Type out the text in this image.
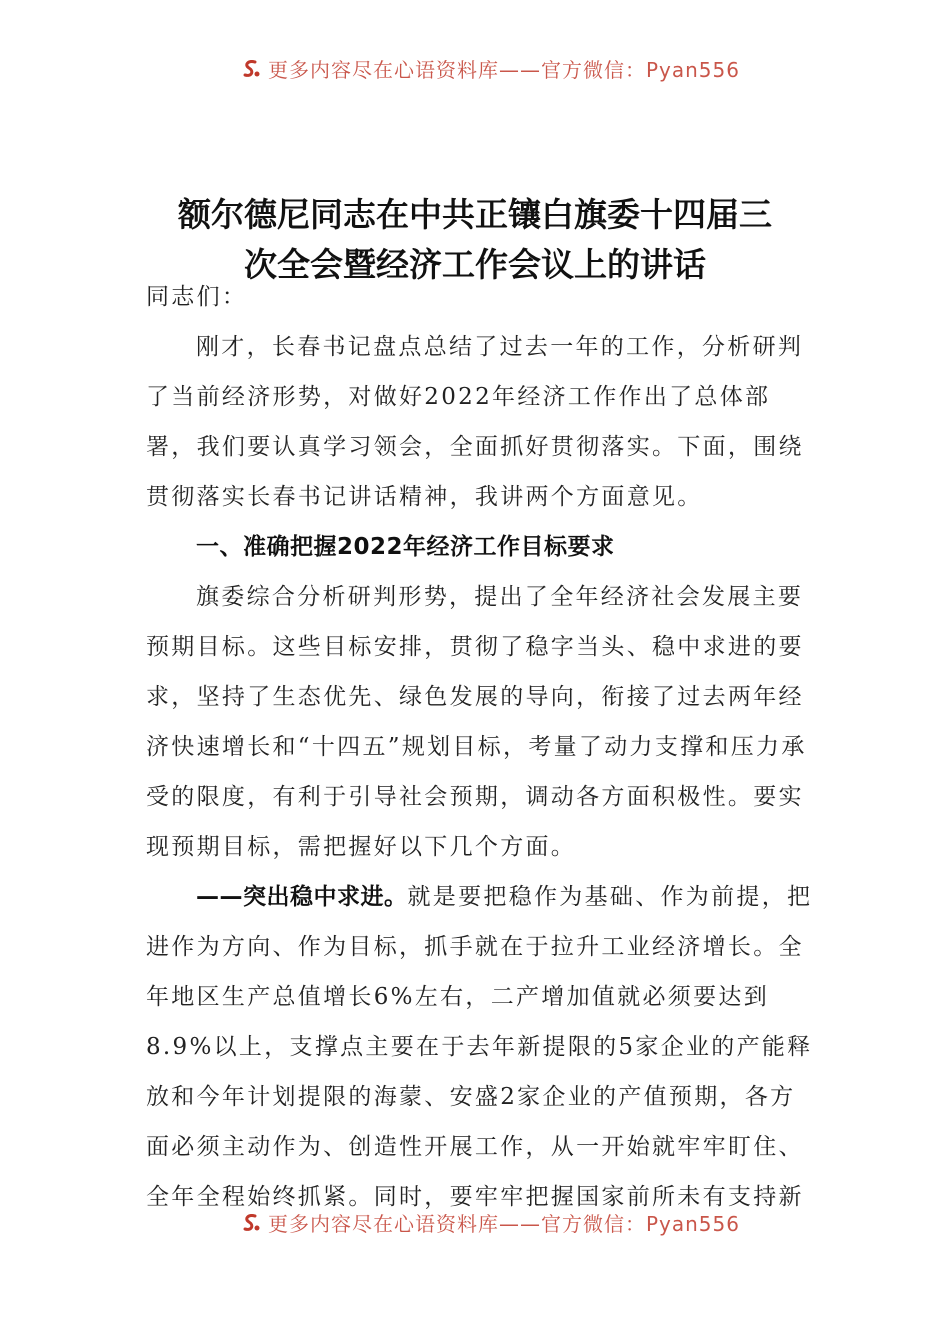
更多内容尽在心语资料库——官方微信：Pyan556
额尔德尼同志在中共正镶白旗委十四届三
次全会暨经济工作会议上的讲话

同志们：

刚才，长春书记盘点总结了过去一年的工作，分析研判了当前经济形势，对做好2022年经济工作作出了总体部署，我们要认真学习领会，全面抓好贯彻落实。下面，围绕贯彻落实长春书记讲话精神，我讲两个方面意见。

一、准确把握2022年经济工作目标要求

旗委综合分析研判形势，提出了全年经济社会发展主要预期目标。这些目标安排，贯彻了稳字当头、稳中求进的要求，坚持了生态优先、绿色发展的导向，衔接了过去两年经济快速增长和“十四五”规划目标，考量了动力支撑和压力承受的限度，有利于引导社会预期，调动各方面积极性。要实现预期目标，需把握好以下几个方面。

——突出稳中求进。就是要把稳作为基础、作为前提，把进作为方向、作为目标，抓手就在于拉升工业经济增长。全年地区生产总值增长6%左右，二产增加值就必须要达到8.9%以上，支撑点主要在于去年新提限的5家企业的产能释放和今年计划提限的海蒙、安盛2家企业的产值预期，各方面必须主动作为、创造性开展工作，从一开始就牢牢盯住、全年全程始终抓紧。同时，要牢牢把握国家前所未有支持新

更多内容尽在心语资料库——官方微信：Pyan556
